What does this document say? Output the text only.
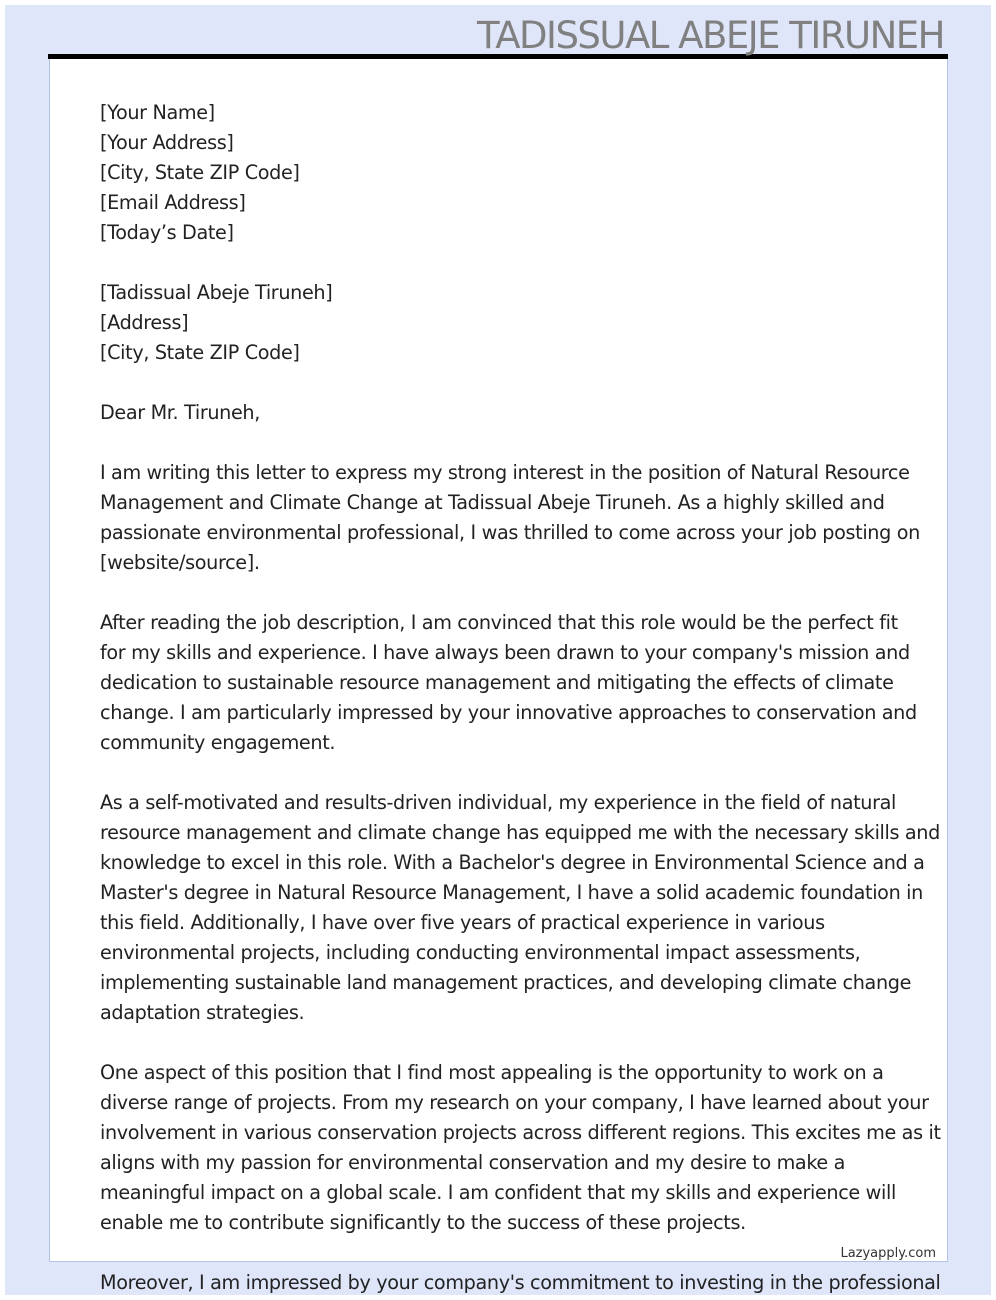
TADISSUAL ABEJE TIRUNEH
[Your Name]
[Your Address]
[City, State ZIP Code]
[Email Address]
[Today’s Date]
[Tadissual Abeje Tiruneh]
[Address]
[City, State ZIP Code]
Dear Mr. Tiruneh,
I am writing this letter to express my strong interest in the position of Natural Resource
Management and Climate Change at Tadissual Abeje Tiruneh. As a highly skilled and
passionate environmental professional, I was thrilled to come across your job posting on
[website/source].
After reading the job description, I am convinced that this role would be the perfect fit
for my skills and experience. I have always been drawn to your company's mission and
dedication to sustainable resource management and mitigating the effects of climate
change. I am particularly impressed by your innovative approaches to conservation and
community engagement.
As a self-motivated and results-driven individual, my experience in the field of natural
resource management and climate change has equipped me with the necessary skills and
knowledge to excel in this role. With a Bachelor's degree in Environmental Science and a
Master's degree in Natural Resource Management, I have a solid academic foundation in
this field. Additionally, I have over five years of practical experience in various
environmental projects, including conducting environmental impact assessments,
implementing sustainable land management practices, and developing climate change
adaptation strategies.
One aspect of this position that I find most appealing is the opportunity to work on a
diverse range of projects. From my research on your company, I have learned about your
involvement in various conservation projects across different regions. This excites me as it
aligns with my passion for environmental conservation and my desire to make a
meaningful impact on a global scale. I am confident that my skills and experience will
enable me to contribute significantly to the success of these projects.
Moreover, I am impressed by your company's commitment to investing in the professional
Lazyapply.com
